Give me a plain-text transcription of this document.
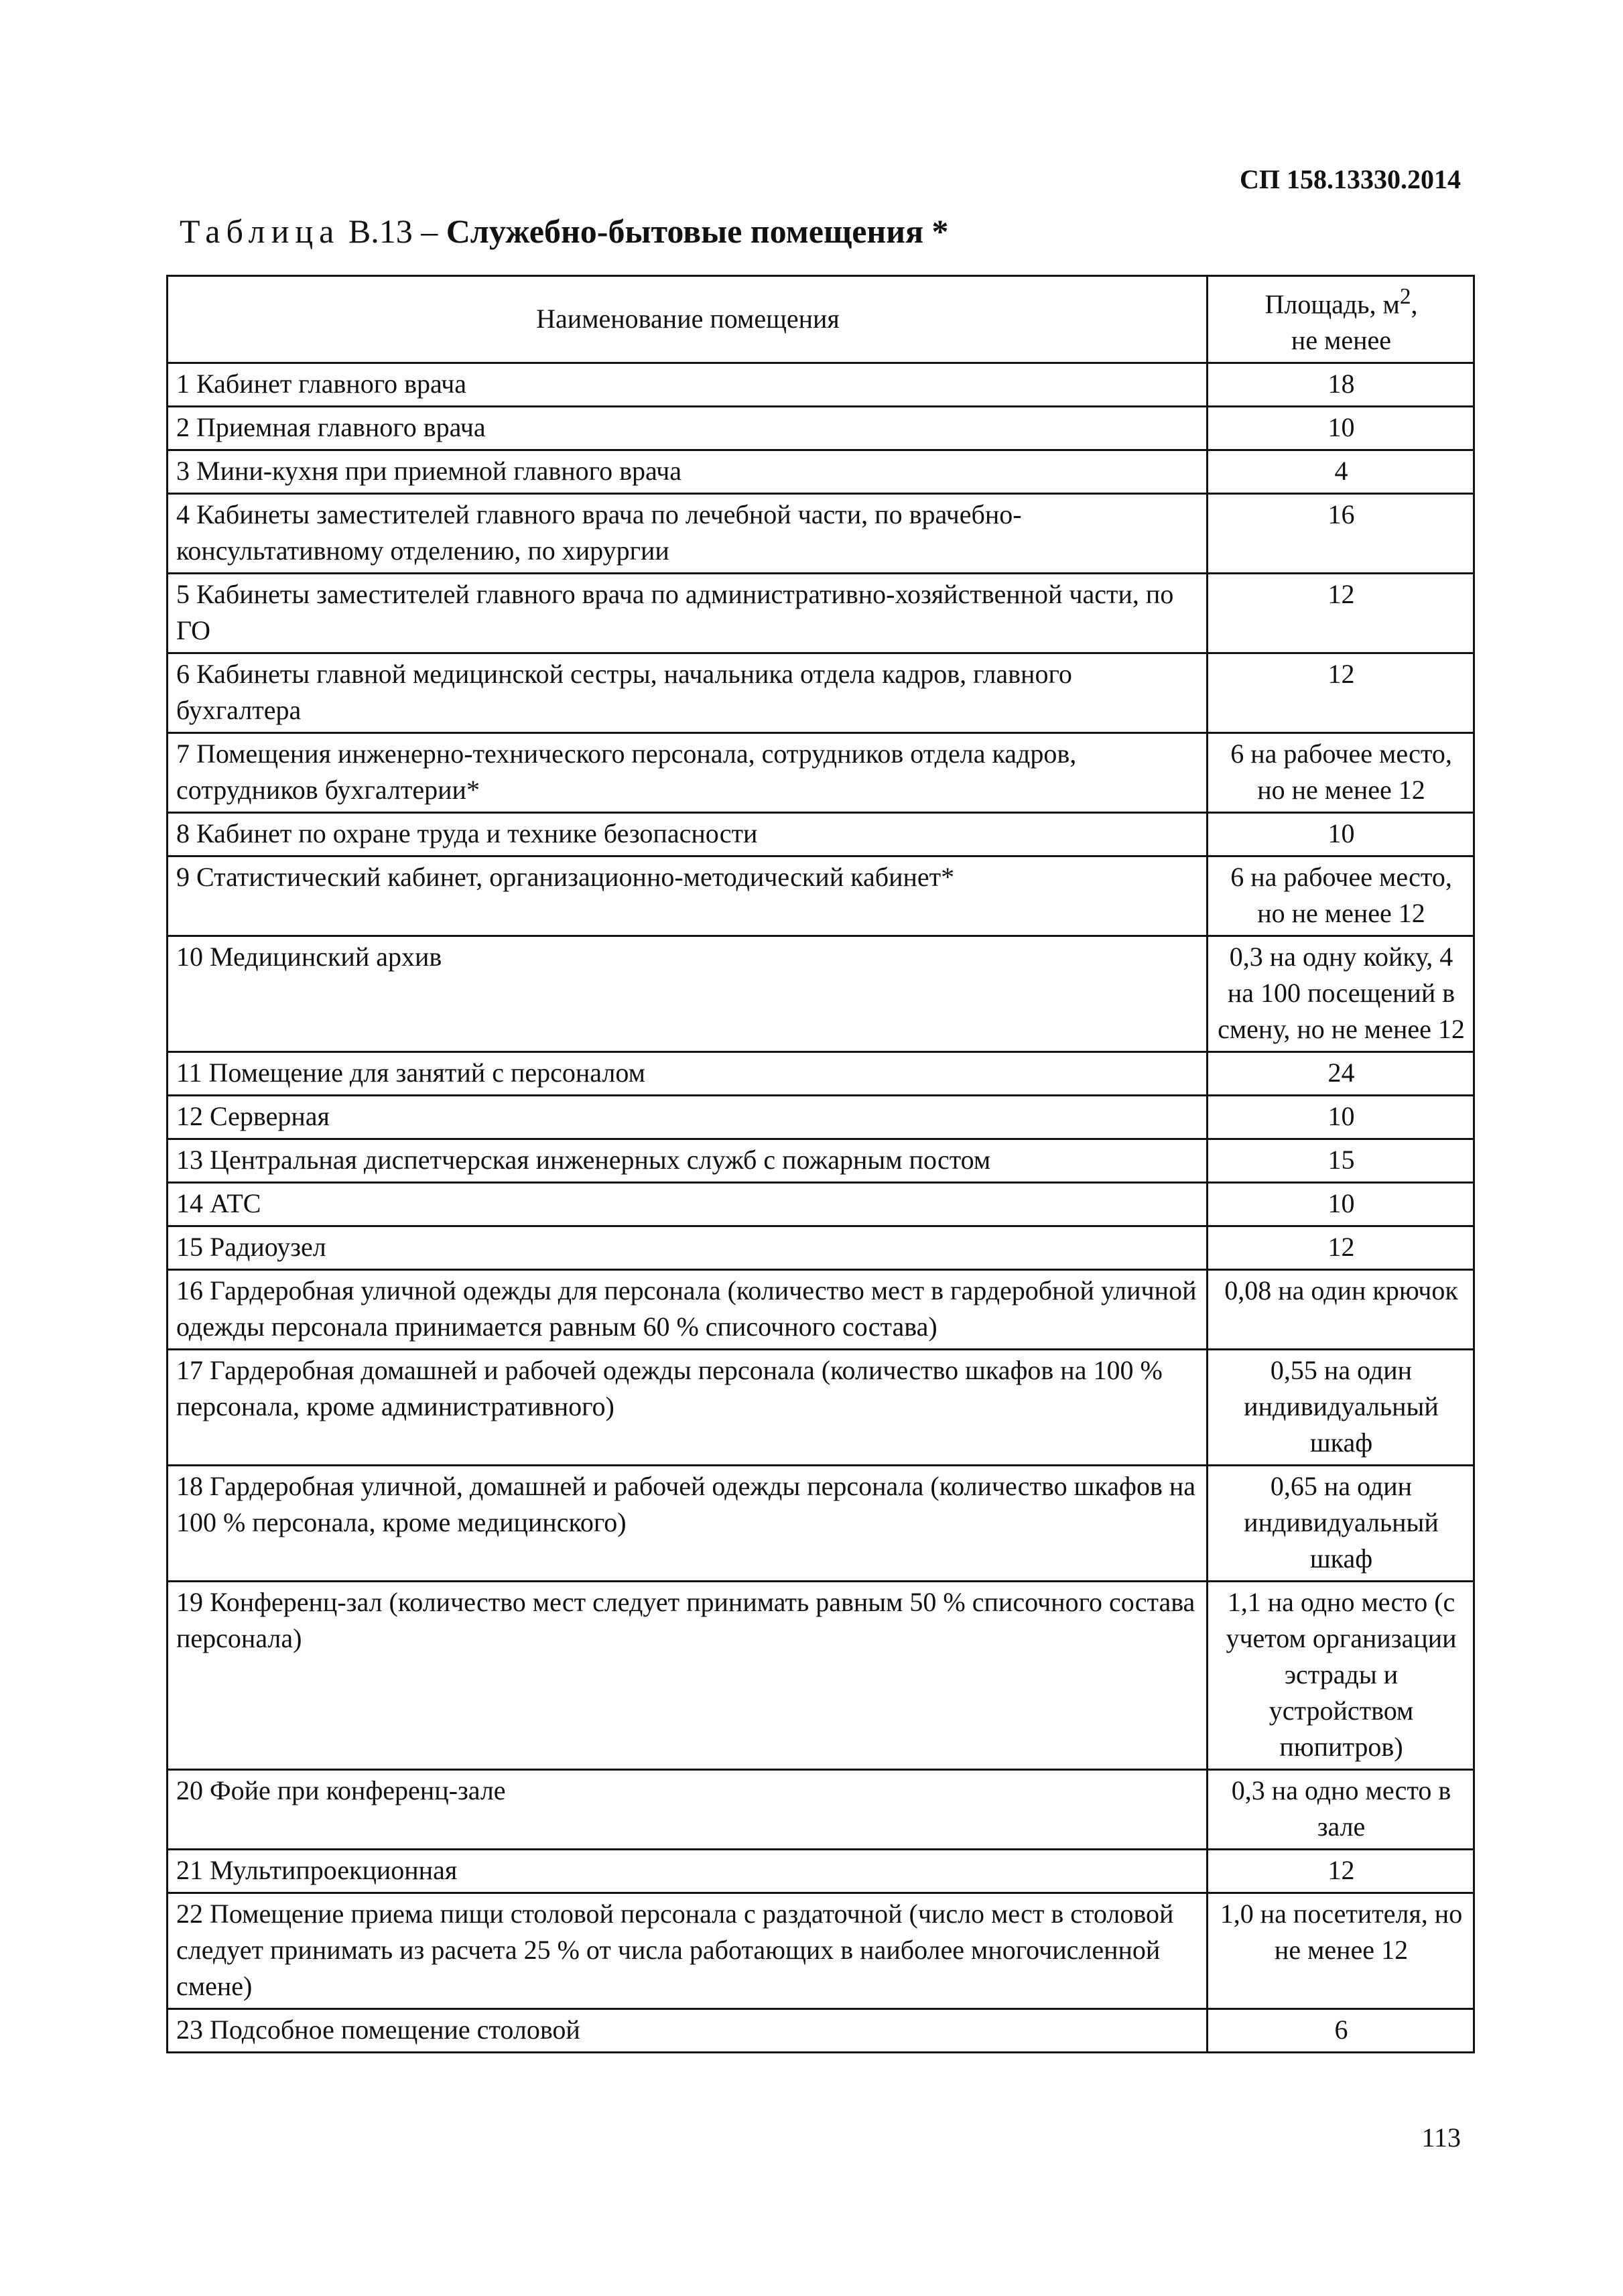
СП 158.13330.2014
Таблица В.13 – Служебно-бытовые помещения *
Наименование помещения	Площадь, $м^2$,
не менее
1 Кабинет главного врача	18
2 Приемная главного врача	10
3 Мини-кухня при приемной главного врача	4
4 Кабинеты заместителей главного врача по лечебной части, по врачебно-консультативному отделению, по хирургии	16
5 Кабинеты заместителей главного врача по административно-хозяйственной части, по ГО	12
6 Кабинеты главной медицинской сестры, начальника отдела кадров, главного бухгалтера	12
7 Помещения инженерно-технического персонала, сотрудников отдела кадров, сотрудников бухгалтерии*	6 на рабочее место, но не менее 12
8 Кабинет по охране труда и технике безопасности	10
9 Статистический кабинет, организационно-методический кабинет*	6 на рабочее место, но не менее 12
10 Медицинский архив	0,3 на одну койку, 4 на 100 посещений в смену, но не менее 12
11 Помещение для занятий с персоналом	24
12 Серверная	10
13 Центральная диспетчерская инженерных служб с пожарным постом	15
14 АТС	10
15 Радиоузел	12
16 Гардеробная уличной одежды для персонала (количество мест в гардеробной уличной одежды персонала принимается равным 60 % списочного состава)	0,08 на один крючок
17 Гардеробная домашней и рабочей одежды персонала (количество шкафов на 100 % персонала, кроме административного)	0,55 на один индивидуальный шкаф
18 Гардеробная уличной, домашней и рабочей одежды персонала (количество шкафов на 100 % персонала, кроме медицинского)	0,65 на один индивидуальный шкаф
19 Конференц-зал (количество мест следует принимать равным 50 % списочного состава персонала)	1,1 на одно место (с учетом организации эстрады и устройством пюпитров)
20 Фойе при конференц-зале	0,3 на одно место в зале
21 Мультипроекционная	12
22 Помещение приема пищи столовой персонала с раздаточной (число мест в столовой следует принимать из расчета 25 % от числа работающих в наиболее многочисленной смене)	1,0 на посетителя, но не менее 12
23 Подсобное помещение столовой	6
113
